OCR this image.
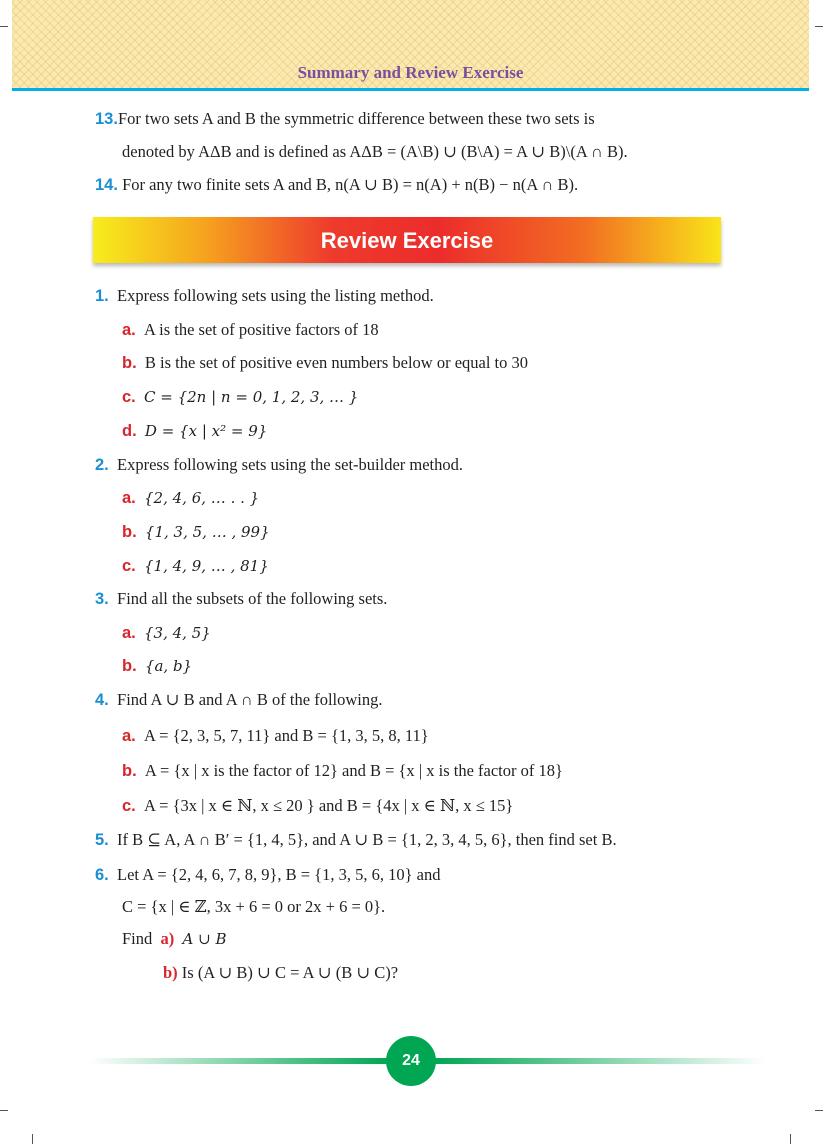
Summary and Review Exercise
13.For two sets A and B the symmetric difference between these two sets is
denoted by AΔB and is defined as AΔB = (A\B) ∪ (B\A) = A ∪ B)\(A ∩ B).
14. For any two finite sets A and B, n(A ∪ B) = n(A) + n(B) − n(A ∩ B).
Review Exercise
1. Express following sets using the listing method.
a. A is the set of positive factors of 18
b. B is the set of positive even numbers below or equal to 30
c. C = {2n | n = 0, 1, 2, 3, … }
d. D = {x | x² = 9}
2. Express following sets using the set-builder method.
a. {2, 4, 6, … . . }
b. {1, 3, 5, … , 99}
c. {1, 4, 9, … , 81}
3. Find all the subsets of the following sets.
a. {3, 4, 5}
b. {a, b}
4. Find A ∪ B and A ∩ B of the following.
a. A = {2, 3, 5, 7, 11} and B = {1, 3, 5, 8, 11}
b. A = {x | x is the factor of 12} and B = {x | x is the factor of 18}
c. A = {3x | x ∈ ℕ, x ≤ 20 } and B = {4x | x ∈ ℕ, x ≤ 15}
5. If B ⊆ A, A ∩ B′ = {1, 4, 5}, and A ∪ B = {1, 2, 3, 4, 5, 6}, then find set B.
6. Let A = {2, 4, 6, 7, 8, 9}, B = {1, 3, 5, 6, 10} and
C = {x | ∈ ℤ, 3x + 6 = 0 or 2x + 6 = 0}.
Find a) A ∪ B
b) Is (A ∪ B) ∪ C = A ∪ (B ∪ C)?
24
